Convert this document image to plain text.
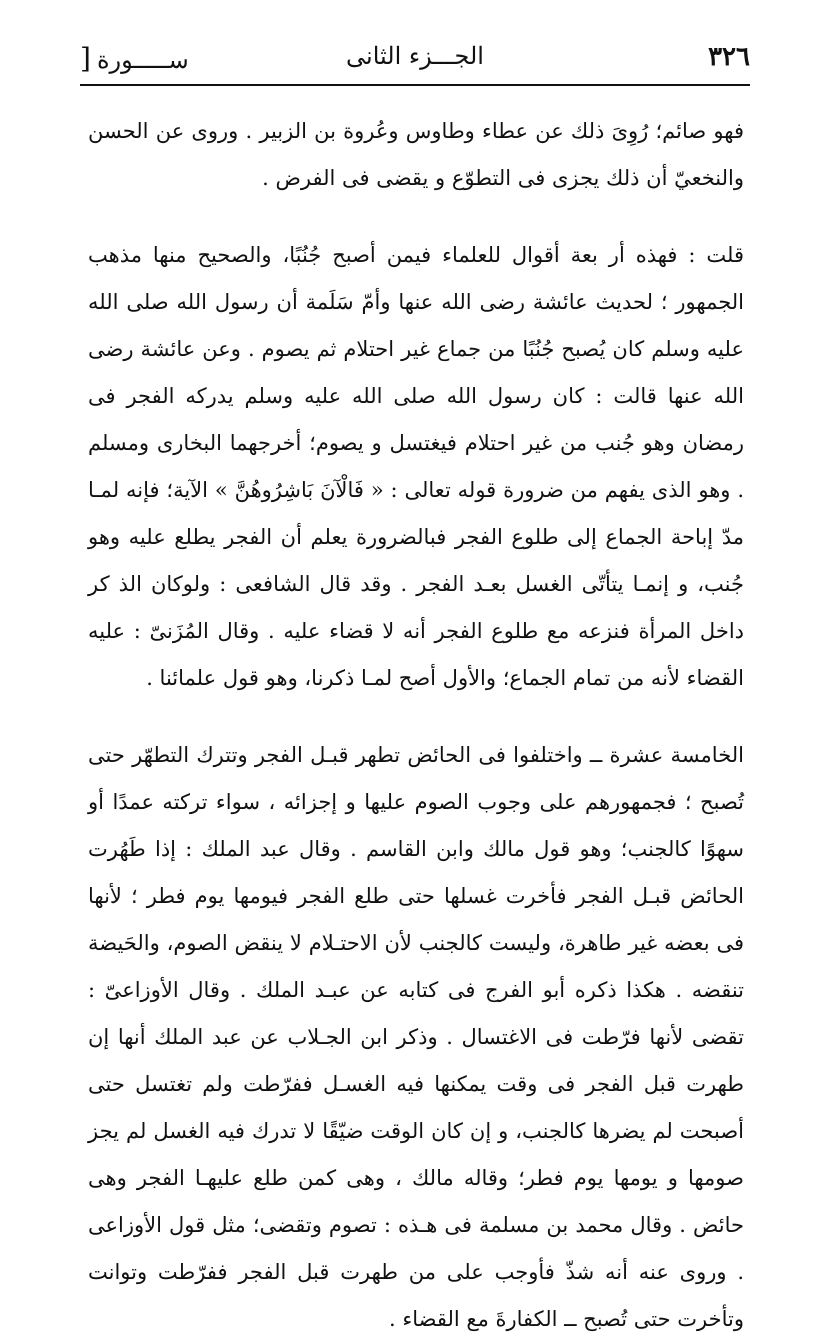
٣٢٦
الجـــزء الثانى
ســـــورة[

فهو صائم؛ رُوِىَ ذلك عن عطاء وطاوس وعُروة بن الزبير . وروى عن الحسن والنخعيّ أن ذلك يجزى فى التطوّع و يقضى فى الفرض .

قلت : فهذه أر بعة أقوال للعلماء فيمن أصبح جُنُبًا، والصحيح منها مذهب الجمهور ؛ لحديث عائشة رضى الله عنها وأمّ سَلَمة أن رسول الله صلى الله عليه وسلم كان يُصبح جُنُبًا من جماع غير احتلام ثم يصوم . وعن عائشة رضى الله عنها قالت : كان رسول الله صلى الله عليه وسلم يدركه الفجر فى رمضان وهو جُنب من غير احتلام فيغتسل و يصوم؛ أخرجهما البخارى ومسلم . وهو الذى يفهم من ضرورة قوله تعالى : « فَالْآنَ بَاشِرُوهُنَّ » الآية؛ فإنه لمـا مدّ إباحة الجماع إلى طلوع الفجر فبالضرورة يعلم أن الفجر يطلع عليه وهو جُنب، و إنمـا يتأتّى الغسل بعـد الفجر . وقد قال الشافعى : ولوكان الذ كر داخل المرأة فنزعه مع طلوع الفجر أنه لا قضاء عليه . وقال المُزَنىّ : عليه القضاء لأنه من تمام الجماع؛ والأول أصح لمـا ذكرنا، وهو قول علمائنا .

الخامسة عشرة ــ واختلفوا فى الحائض تطهر قبـل الفجر وتترك التطهّر حتى تُصبح ؛ فجمهورهم على وجوب الصوم عليها و إجزائه ، سواء تركته عمدًا أو سهوًا كالجنب؛ وهو قول مالك وابن القاسم . وقال عبد الملك : إذا طَهُرت الحائض قبـل الفجر فأخرت غسلها حتى طلع الفجر فيومها يوم فطر ؛ لأنها فى بعضه غير طاهرة، وليست كالجنب لأن الاحتـلام لا ينقض الصوم، والحَيضة تنقضه . هكذا ذكره أبو الفرج فى كتابه عن عبـد الملك . وقال الأوزاعىّ : تقضى لأنها فرّطت فى الاغتسال . وذكر ابن الجـلاب عن عبد الملك أنها إن طهرت قبل الفجر فى وقت يمكنها فيه الغسـل ففرّطت ولم تغتسل حتى أصبحت لم يضرها كالجنب، و إن كان الوقت ضيّقًا لا تدرك فيه الغسل لم يجز صومها و يومها يوم فطر؛ وقاله مالك ، وهى كمن طلع عليهـا الفجر وهى حائض . وقال محمد بن مسلمة فى هـذه : تصوم وتقضى؛ مثل قول الأوزاعى . وروى عنه أنه شذّ فأوجب على من طهرت قبل الفجر ففرّطت وتوانت وتأخرت حتى تُصبح ــ الكفارةَ مع القضاء .
